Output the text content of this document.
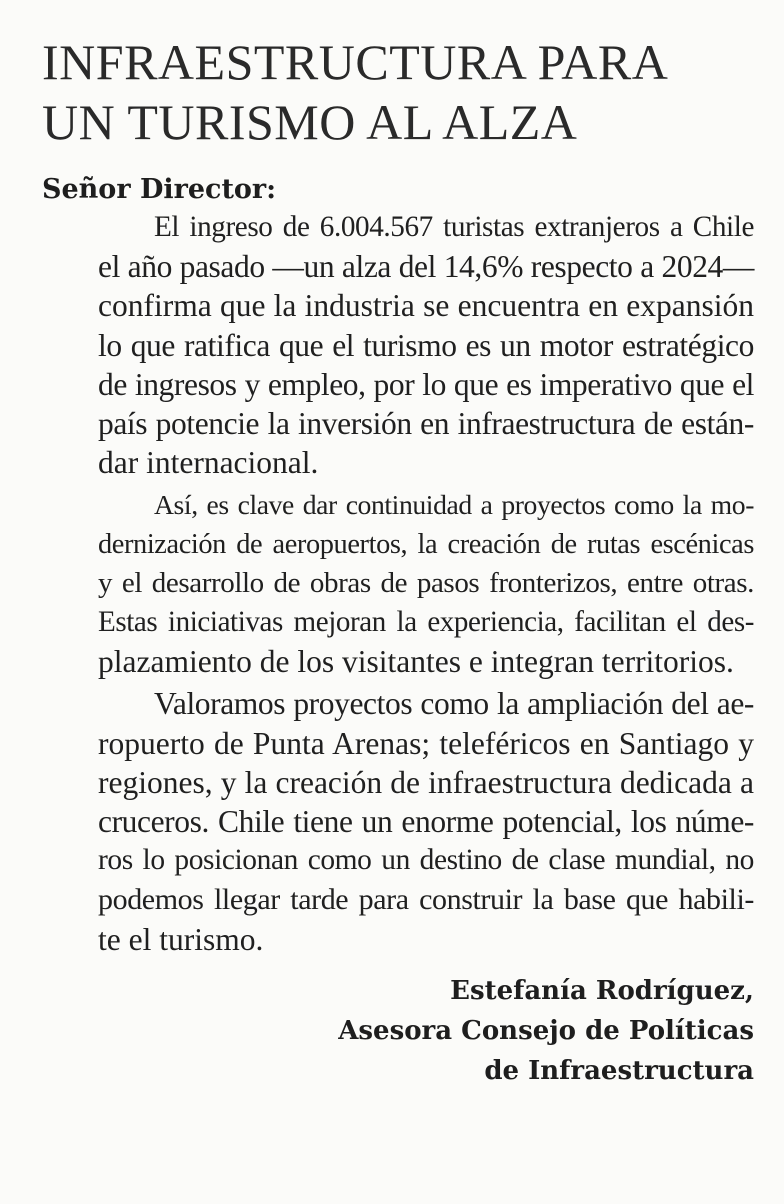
INFRAESTRUCTURA PARA
UN TURISMO AL ALZA
Señor Director:
El ingreso de 6.004.567 turistas extranjeros a Chile
el año pasado —un alza del 14,6% respecto a 2024—
confirma que la industria se encuentra en expansión
lo que ratifica que el turismo es un motor estratégico
de ingresos y empleo, por lo que es imperativo que el
país potencie la inversión en infraestructura de están-
dar internacional.
Así, es clave dar continuidad a proyectos como la mo-
dernización de aeropuertos, la creación de rutas escénicas
y el desarrollo de obras de pasos fronterizos, entre otras.
Estas iniciativas mejoran la experiencia, facilitan el des-
plazamiento de los visitantes e integran territorios.
Valoramos proyectos como la ampliación del ae-
ropuerto de Punta Arenas; teleféricos en Santiago y
regiones, y la creación de infraestructura dedicada a
cruceros. Chile tiene un enorme potencial, los núme-
ros lo posicionan como un destino de clase mundial, no
podemos llegar tarde para construir la base que habili-
te el turismo.
Estefanía Rodríguez,
Asesora Consejo de Políticas
de Infraestructura
